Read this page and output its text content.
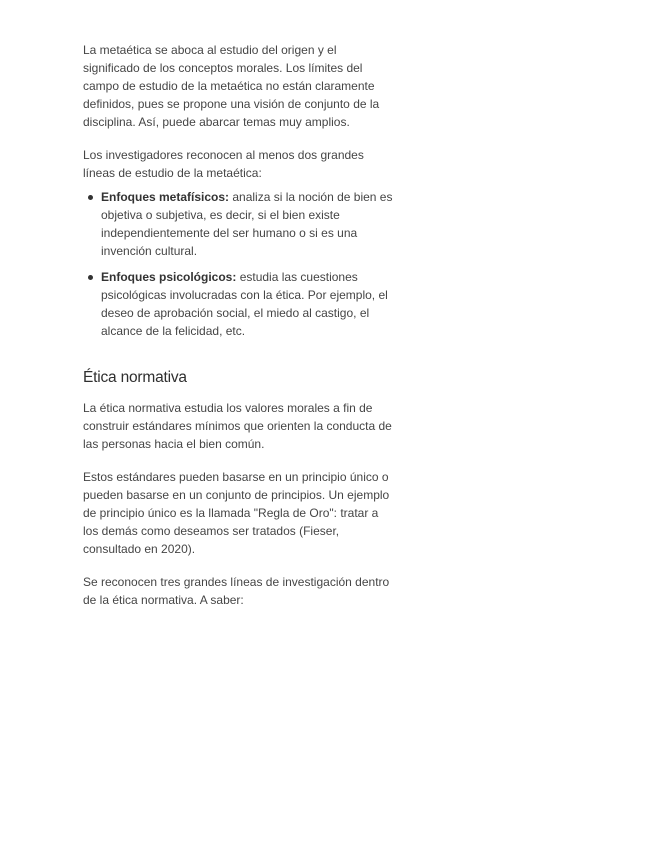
La metaética se aboca al estudio del origen y el significado de los conceptos morales. Los límites del campo de estudio de la metaética no están claramente definidos, pues se propone una visión de conjunto de la disciplina. Así, puede abarcar temas muy amplios.

Los investigadores reconocen al menos dos grandes líneas de estudio de la metaética:

Enfoques metafísicos: analiza si la noción de bien es objetiva o subjetiva, es decir, si el bien existe independientemente del ser humano o si es una invención cultural.
Enfoques psicológicos: estudia las cuestiones psicológicas involucradas con la ética. Por ejemplo, el deseo de aprobación social, el miedo al castigo, el alcance de la felicidad, etc.
Ética normativa

La ética normativa estudia los valores morales a fin de construir estándares mínimos que orienten la conducta de las personas hacia el bien común.

Estos estándares pueden basarse en un principio único o pueden basarse en un conjunto de principios. Un ejemplo de principio único es la llamada "Regla de Oro": tratar a los demás como deseamos ser tratados (Fieser, consultado en 2020).

Se reconocen tres grandes líneas de investigación dentro de la ética normativa. A saber:
